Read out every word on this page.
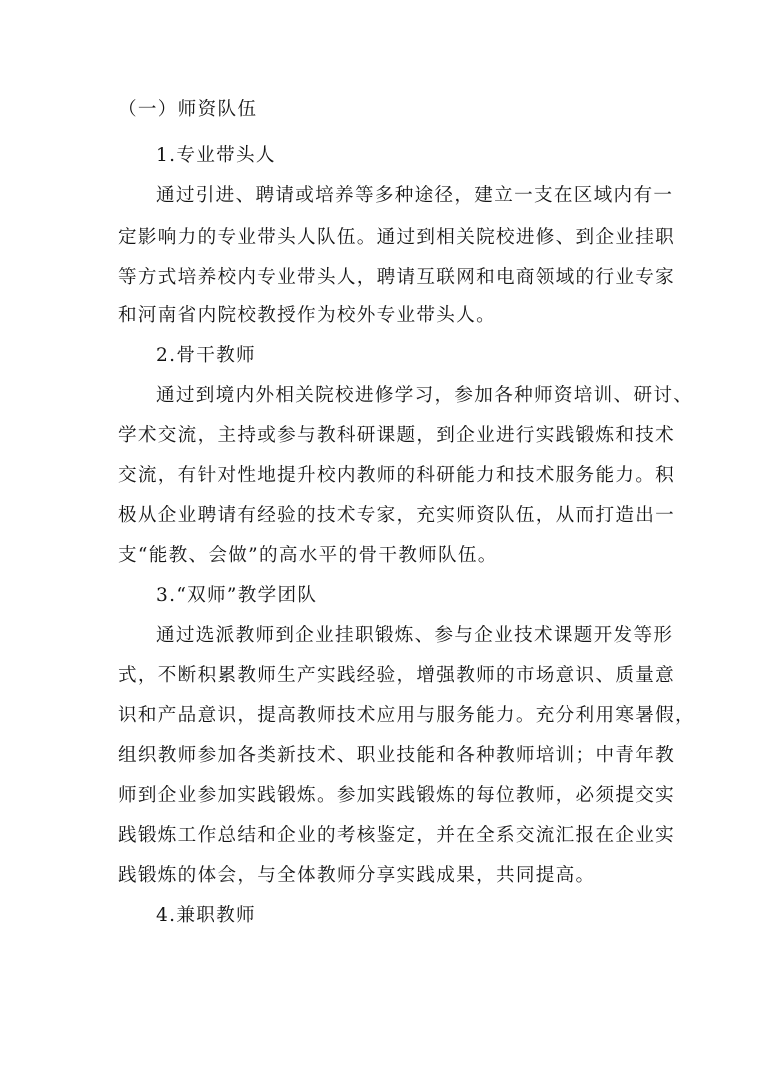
（一）师资队伍
1.专业带头人
通过引进、聘请或培养等多种途径，建立一支在区域内有一
定影响力的专业带头人队伍。通过到相关院校进修、到企业挂职
等方式培养校内专业带头人，聘请互联网和电商领域的行业专家
和河南省内院校教授作为校外专业带头人。
2.骨干教师
通过到境内外相关院校进修学习，参加各种师资培训、研讨、
学术交流，主持或参与教科研课题，到企业进行实践锻炼和技术
交流，有针对性地提升校内教师的科研能力和技术服务能力。积
极从企业聘请有经验的技术专家，充实师资队伍，从而打造出一
支“能教、会做”的高水平的骨干教师队伍。
3.“双师”教学团队
通过选派教师到企业挂职锻炼、参与企业技术课题开发等形
式，不断积累教师生产实践经验，增强教师的市场意识、质量意
识和产品意识，提高教师技术应用与服务能力。充分利用寒暑假，
组织教师参加各类新技术、职业技能和各种教师培训；中青年教
师到企业参加实践锻炼。参加实践锻炼的每位教师，必须提交实
践锻炼工作总结和企业的考核鉴定，并在全系交流汇报在企业实
践锻炼的体会，与全体教师分享实践成果，共同提高。
4.兼职教师
